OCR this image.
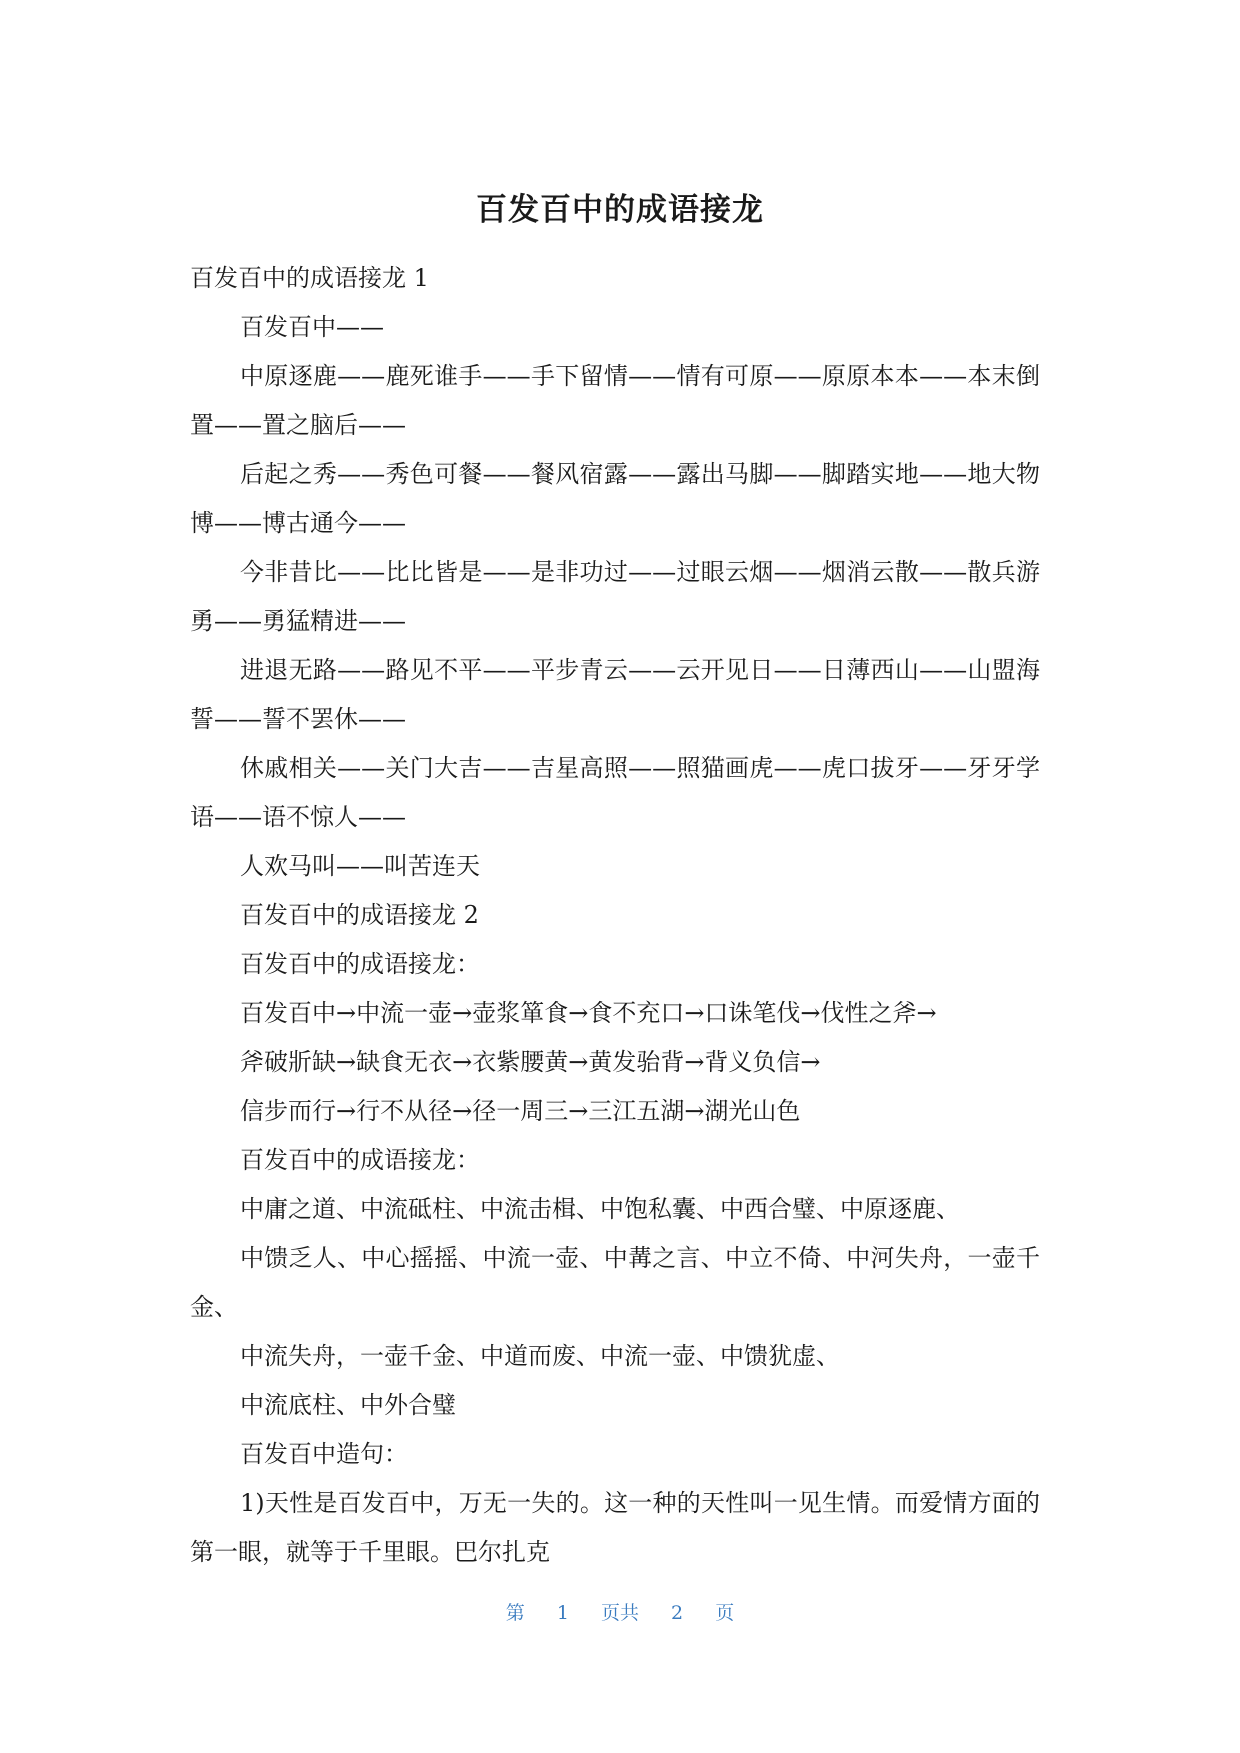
百发百中的成语接龙

百发百中的成语接龙 1

百发百中——

中原逐鹿——鹿死谁手——手下留情——情有可原——原原本本——本末倒置——置之脑后——

后起之秀——秀色可餐——餐风宿露——露出马脚——脚踏实地——地大物博——博古通今——

今非昔比——比比皆是——是非功过——过眼云烟——烟消云散——散兵游勇——勇猛精进——

进退无路——路见不平——平步青云——云开见日——日薄西山——山盟海誓——誓不罢休——

休戚相关——关门大吉——吉星高照——照猫画虎——虎口拔牙——牙牙学语——语不惊人——

人欢马叫——叫苦连天

百发百中的成语接龙 2

百发百中的成语接龙：

百发百中→中流一壶→壶浆箪食→食不充口→口诛笔伐→伐性之斧→

斧破斨缺→缺食无衣→衣紫腰黄→黄发骀背→背义负信→

信步而行→行不从径→径一周三→三江五湖→湖光山色

百发百中的成语接龙：

中庸之道、中流砥柱、中流击楫、中饱私囊、中西合璧、中原逐鹿、

中馈乏人、中心摇摇、中流一壶、中冓之言、中立不倚、中河失舟，一壶千金、

中流失舟，一壶千金、中道而废、中流一壶、中馈犹虚、

中流底柱、中外合璧

百发百中造句：

1)天性是百发百中，万无一失的。这一种的天性叫一见生情。而爱情方面的第一眼，就等于千里眼。巴尔扎克

第 1 页共 2 页
